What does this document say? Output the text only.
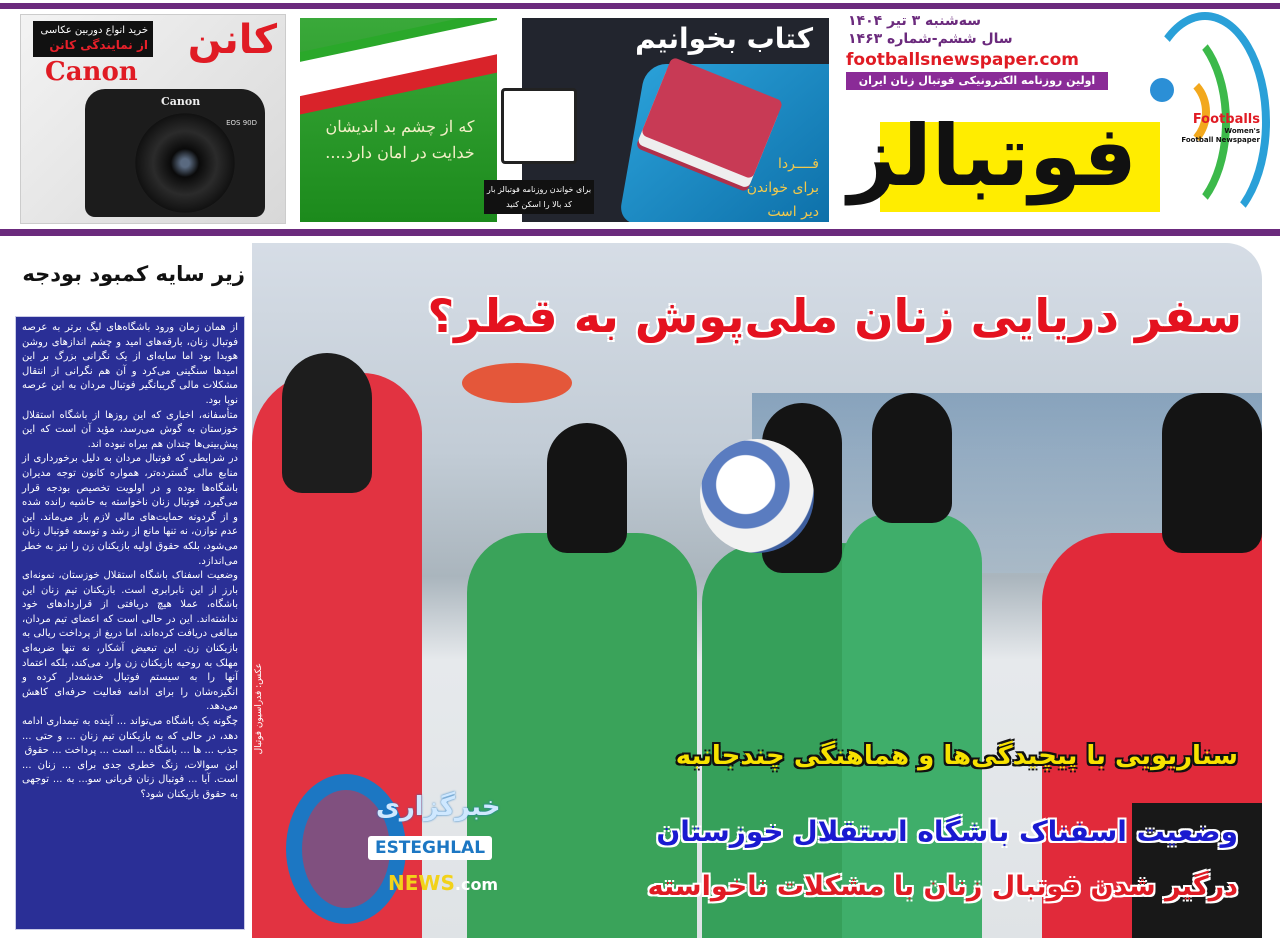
خرید انواع دوربین عکاسی
از نمایندگی کانن کانن
Canon
Canon
EOS 90D	که از چشم بد اندیشان خدایت در امان دارد....
کتاب بخوانیم
فــــردا
برای خواندن
دیر است
برای خواندن روزنامه فوتبالز بار کد بالا را اسکن کنید
سه‌شنبه ۳ تیر ۱۴۰۴
سال ششم-شماره ۱۴۶۳
footballsnewspaper.com
اولین روزنامه الکترونیکی فوتبال زنان ایران
فوتبالز	Footballs
Women's
Football Newspaper
زیر سایه کمبود بودجه

از همان زمان ورود باشگاه‌های لیگ برتر به عرصه فوتبال زنان، بارقه‌های امید و چشم اندازهای روشن هویدا بود اما سایه‌ای از یک نگرانی بزرگ بر این امیدها سنگینی می‌کرد و آن هم نگرانی از انتقال مشکلات مالی گریبانگیر فوتبال مردان به این عرصه نوپا بود.

متأسفانه، اخباری که این روزها از باشگاه استقلال خوزستان به گوش می‌رسد، مؤید آن است که این پیش‌بینی‌ها چندان هم بیراه نبوده اند.

در شرایطی که فوتبال مردان به دلیل برخورداری از منابع مالی گسترده‌تر، همواره کانون توجه مدیران باشگاه‌ها بوده و در اولویت تخصیص بودجه قرار می‌گیرد، فوتبال زنان ناخواسته به حاشیه رانده شده و از گردونه حمایت‌های مالی لازم باز می‌ماند. این عدم توازن، نه تنها مانع از رشد و توسعه فوتبال زنان می‌شود، بلکه حقوق اولیه بازیکنان زن را نیز به خطر می‌اندازد.

وضعیت اسفناک باشگاه استقلال خوزستان، نمونه‌ای بارز از این نابرابری است. بازیکنان تیم زنان این باشگاه، عملا هیچ دریافتی از قراردادهای خود نداشته‌اند. این در حالی است که اعضای تیم مردان، مبالغی دریافت کرده‌اند، اما دریغ از پرداخت ریالی به بازیکنان زن. این تبعیض آشکار، نه تنها ضربه‌ای مهلک به روحیه بازیکنان زن وارد می‌کند، بلکه اعتماد آنها را به سیستم فوتبال خدشه‌دار کرده و انگیزه‌شان را برای ادامه فعالیت حرفه‌ای کاهش می‌دهد.

چگونه یک باشگاه می‌تواند ... آینده به تیمداری ادامه دهد، در حالی که به بازیکنان تیم زنان ... و حتی ... جذب ... ها ... باشگاه ... است ... پرداخت ... حقوق

این سوالات، زنگ خطری جدی برای ... زنان ... است. آیا ... فوتبال زنان قربانی سو... به ... توجهی به حقوق بازیکنان شود؟

سفر دریایی زنان ملی‌پوش به قطر؟
سناریویی با پیچیدگی‌ها و هماهنگی چندجانبه
وضعیت اسفناک باشگاه استقلال خوزستان
درگیر شدن فوتبال زنان با مشکلات ناخواسته
عکس: فدراسیون فوتبال
خبرگزاری
ESTEGHLAL
NEWS.com
